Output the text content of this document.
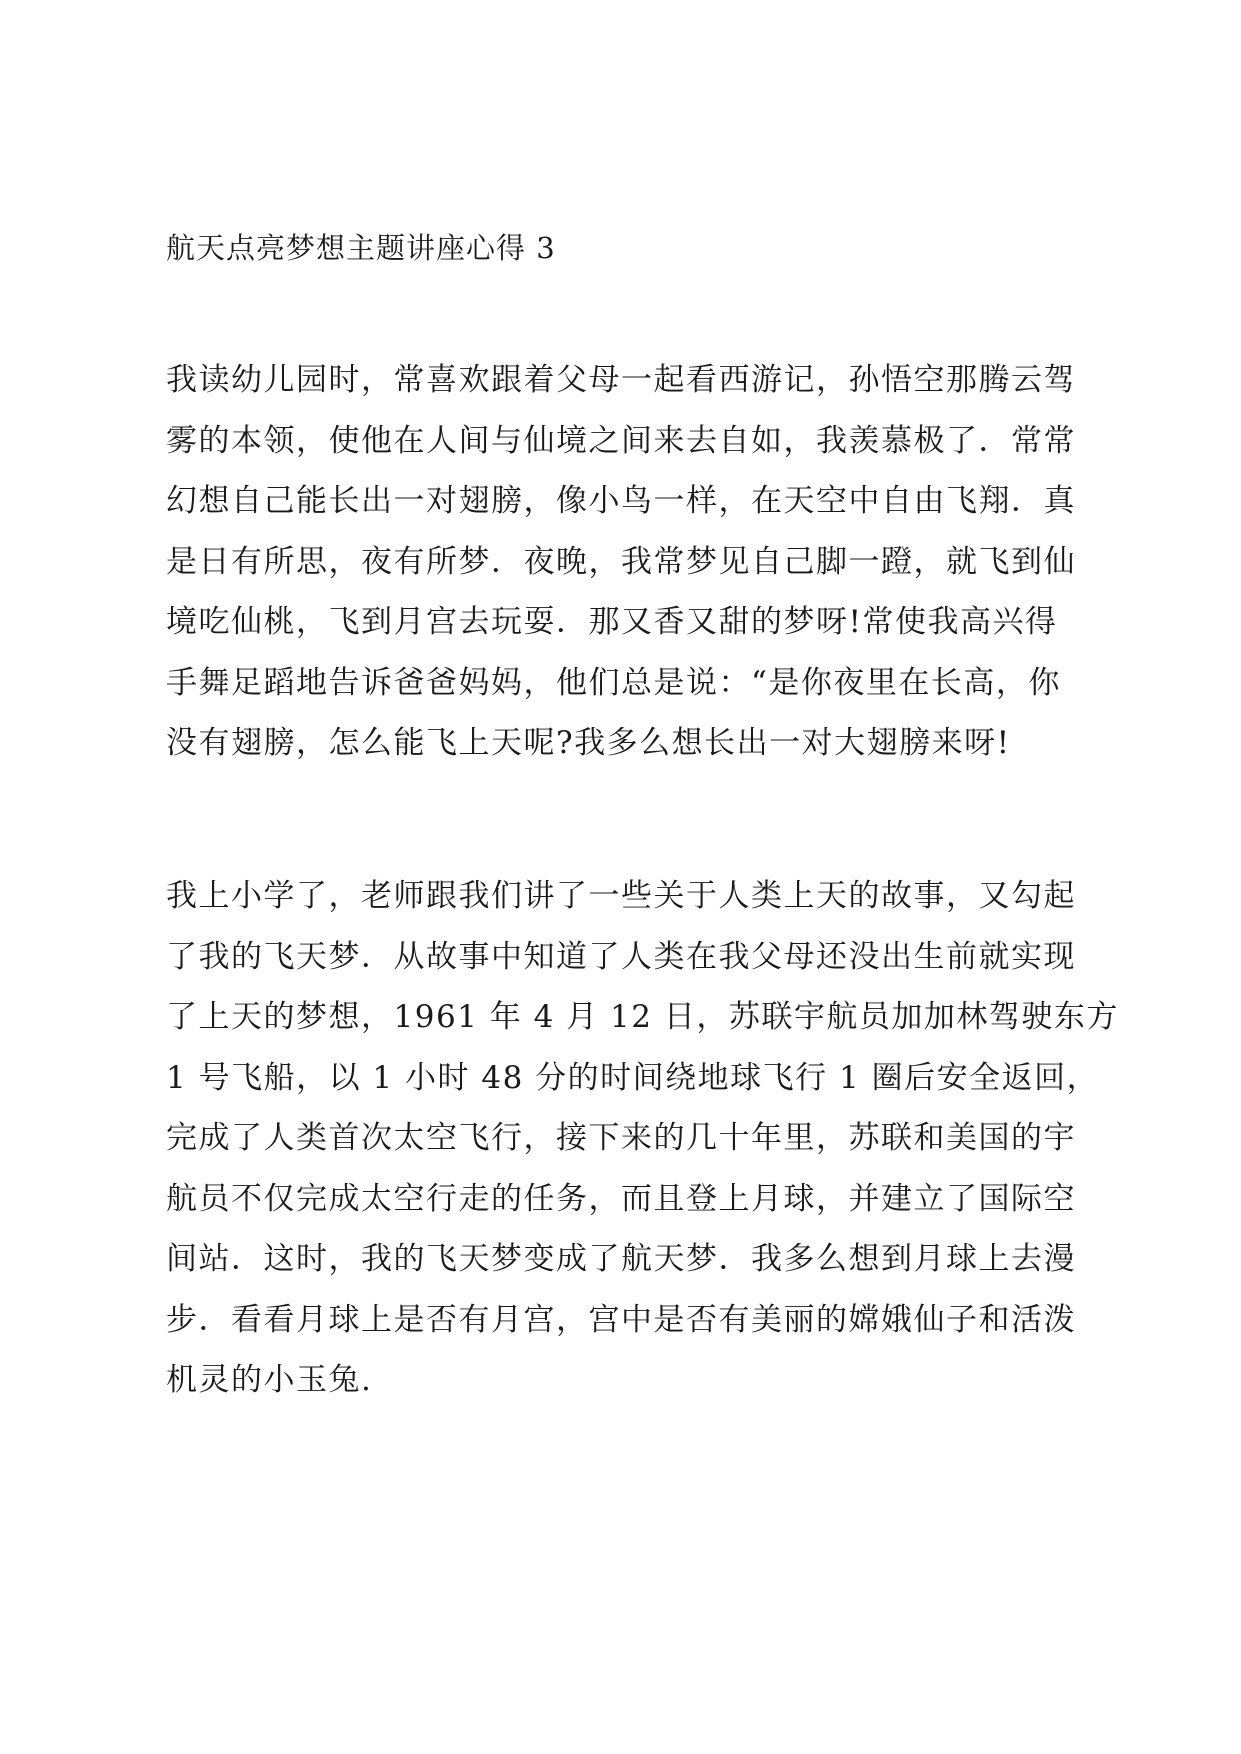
航天点亮梦想主题讲座心得 3
我读幼儿园时，常喜欢跟着父母一起看西游记，孙悟空那腾云驾
雾的本领，使他在人间与仙境之间来去自如，我羡慕极了．常常
幻想自己能长出一对翅膀，像小鸟一样，在天空中自由飞翔．真
是日有所思，夜有所梦．夜晚，我常梦见自己脚一蹬，就飞到仙
境吃仙桃，飞到月宫去玩耍．那又香又甜的梦呀!常使我高兴得
手舞足蹈地告诉爸爸妈妈，他们总是说：“是你夜里在长高，你
没有翅膀，怎么能飞上天呢?我多么想长出一对大翅膀来呀!
我上小学了，老师跟我们讲了一些关于人类上天的故事，又勾起
了我的飞天梦．从故事中知道了人类在我父母还没出生前就实现
了上天的梦想，1961 年 4 月 12 日，苏联宇航员加加林驾驶东方
1 号飞船，以 1 小时 48 分的时间绕地球飞行 1 圈后安全返回，
完成了人类首次太空飞行，接下来的几十年里，苏联和美国的宇
航员不仅完成太空行走的任务，而且登上月球，并建立了国际空
间站．这时，我的飞天梦变成了航天梦．我多么想到月球上去漫
步．看看月球上是否有月宫，宫中是否有美丽的嫦娥仙子和活泼
机灵的小玉兔.
